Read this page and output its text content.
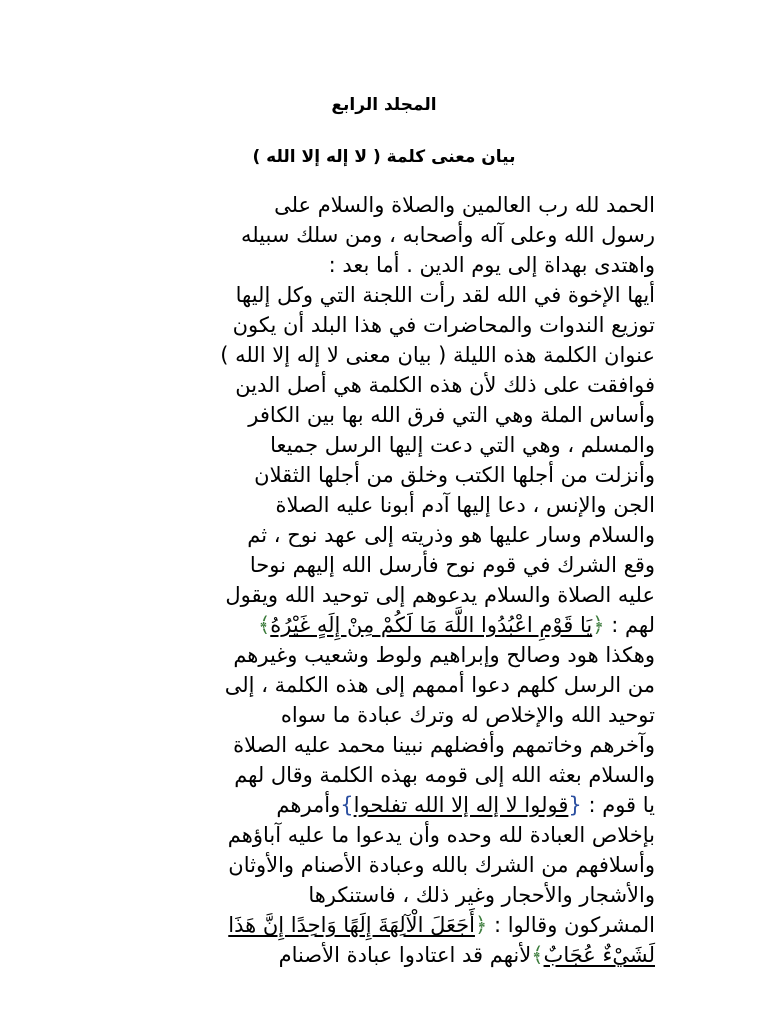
المجلد الرابع
بيان معنى كلمة ( لا إله إلا الله )
الحمد لله رب العالمين والصلاة والسلام على
رسول الله وعلى آله وأصحابه ، ومن سلك سبيله
واهتدى بهداة إلى يوم الدين . أما بعد :
أيها الإخوة في الله لقد رأت اللجنة التي وكل إليها
توزيع الندوات والمحاضرات في هذا البلد أن يكون
عنوان الكلمة هذه الليلة ( بيان معنى لا إله إلا الله )
فوافقت على ذلك لأن هذه الكلمة هي أصل الدين
وأساس الملة وهي التي فرق الله بها بين الكافر
والمسلم ، وهي التي دعت إليها الرسل جميعا
وأنزلت من أجلها الكتب وخلق من أجلها الثقلان
الجن والإنس ، دعا إليها آدم أبونا عليه الصلاة
والسلام وسار عليها هو وذريته إلى عهد نوح ، ثم
وقع الشرك في قوم نوح فأرسل الله إليهم نوحا
عليه الصلاة والسلام يدعوهم إلى توحيد الله ويقول
لهم : ﴿يَا قَوْمِ اعْبُدُوا اللَّهَ مَا لَكُمْ مِنْ إِلَهٍ غَيْرُهُ﴾
وهكذا هود وصالح وإبراهيم ولوط وشعيب وغيرهم
من الرسل كلهم دعوا أممهم إلى هذه الكلمة ، إلى
توحيد الله والإخلاص له وترك عبادة ما سواه
وآخرهم وخاتمهم وأفضلهم نبينا محمد عليه الصلاة
والسلام بعثه الله إلى قومه بهذه الكلمة وقال لهم
يا قوم : {قولوا لا إله إلا الله تفلحوا}وأمرهم
بإخلاص العبادة لله وحده وأن يدعوا ما عليه آباؤهم
وأسلافهم من الشرك بالله وعبادة الأصنام والأوثان
والأشجار والأحجار وغير ذلك ، فاستنكرها
المشركون وقالوا : ﴿أَجَعَلَ الْآلِهَةَ إِلَهًا وَاحِدًا إِنَّ هَذَا
لَشَيْءٌ عُجَابٌ﴾لأنهم قد اعتادوا عبادة الأصنام
